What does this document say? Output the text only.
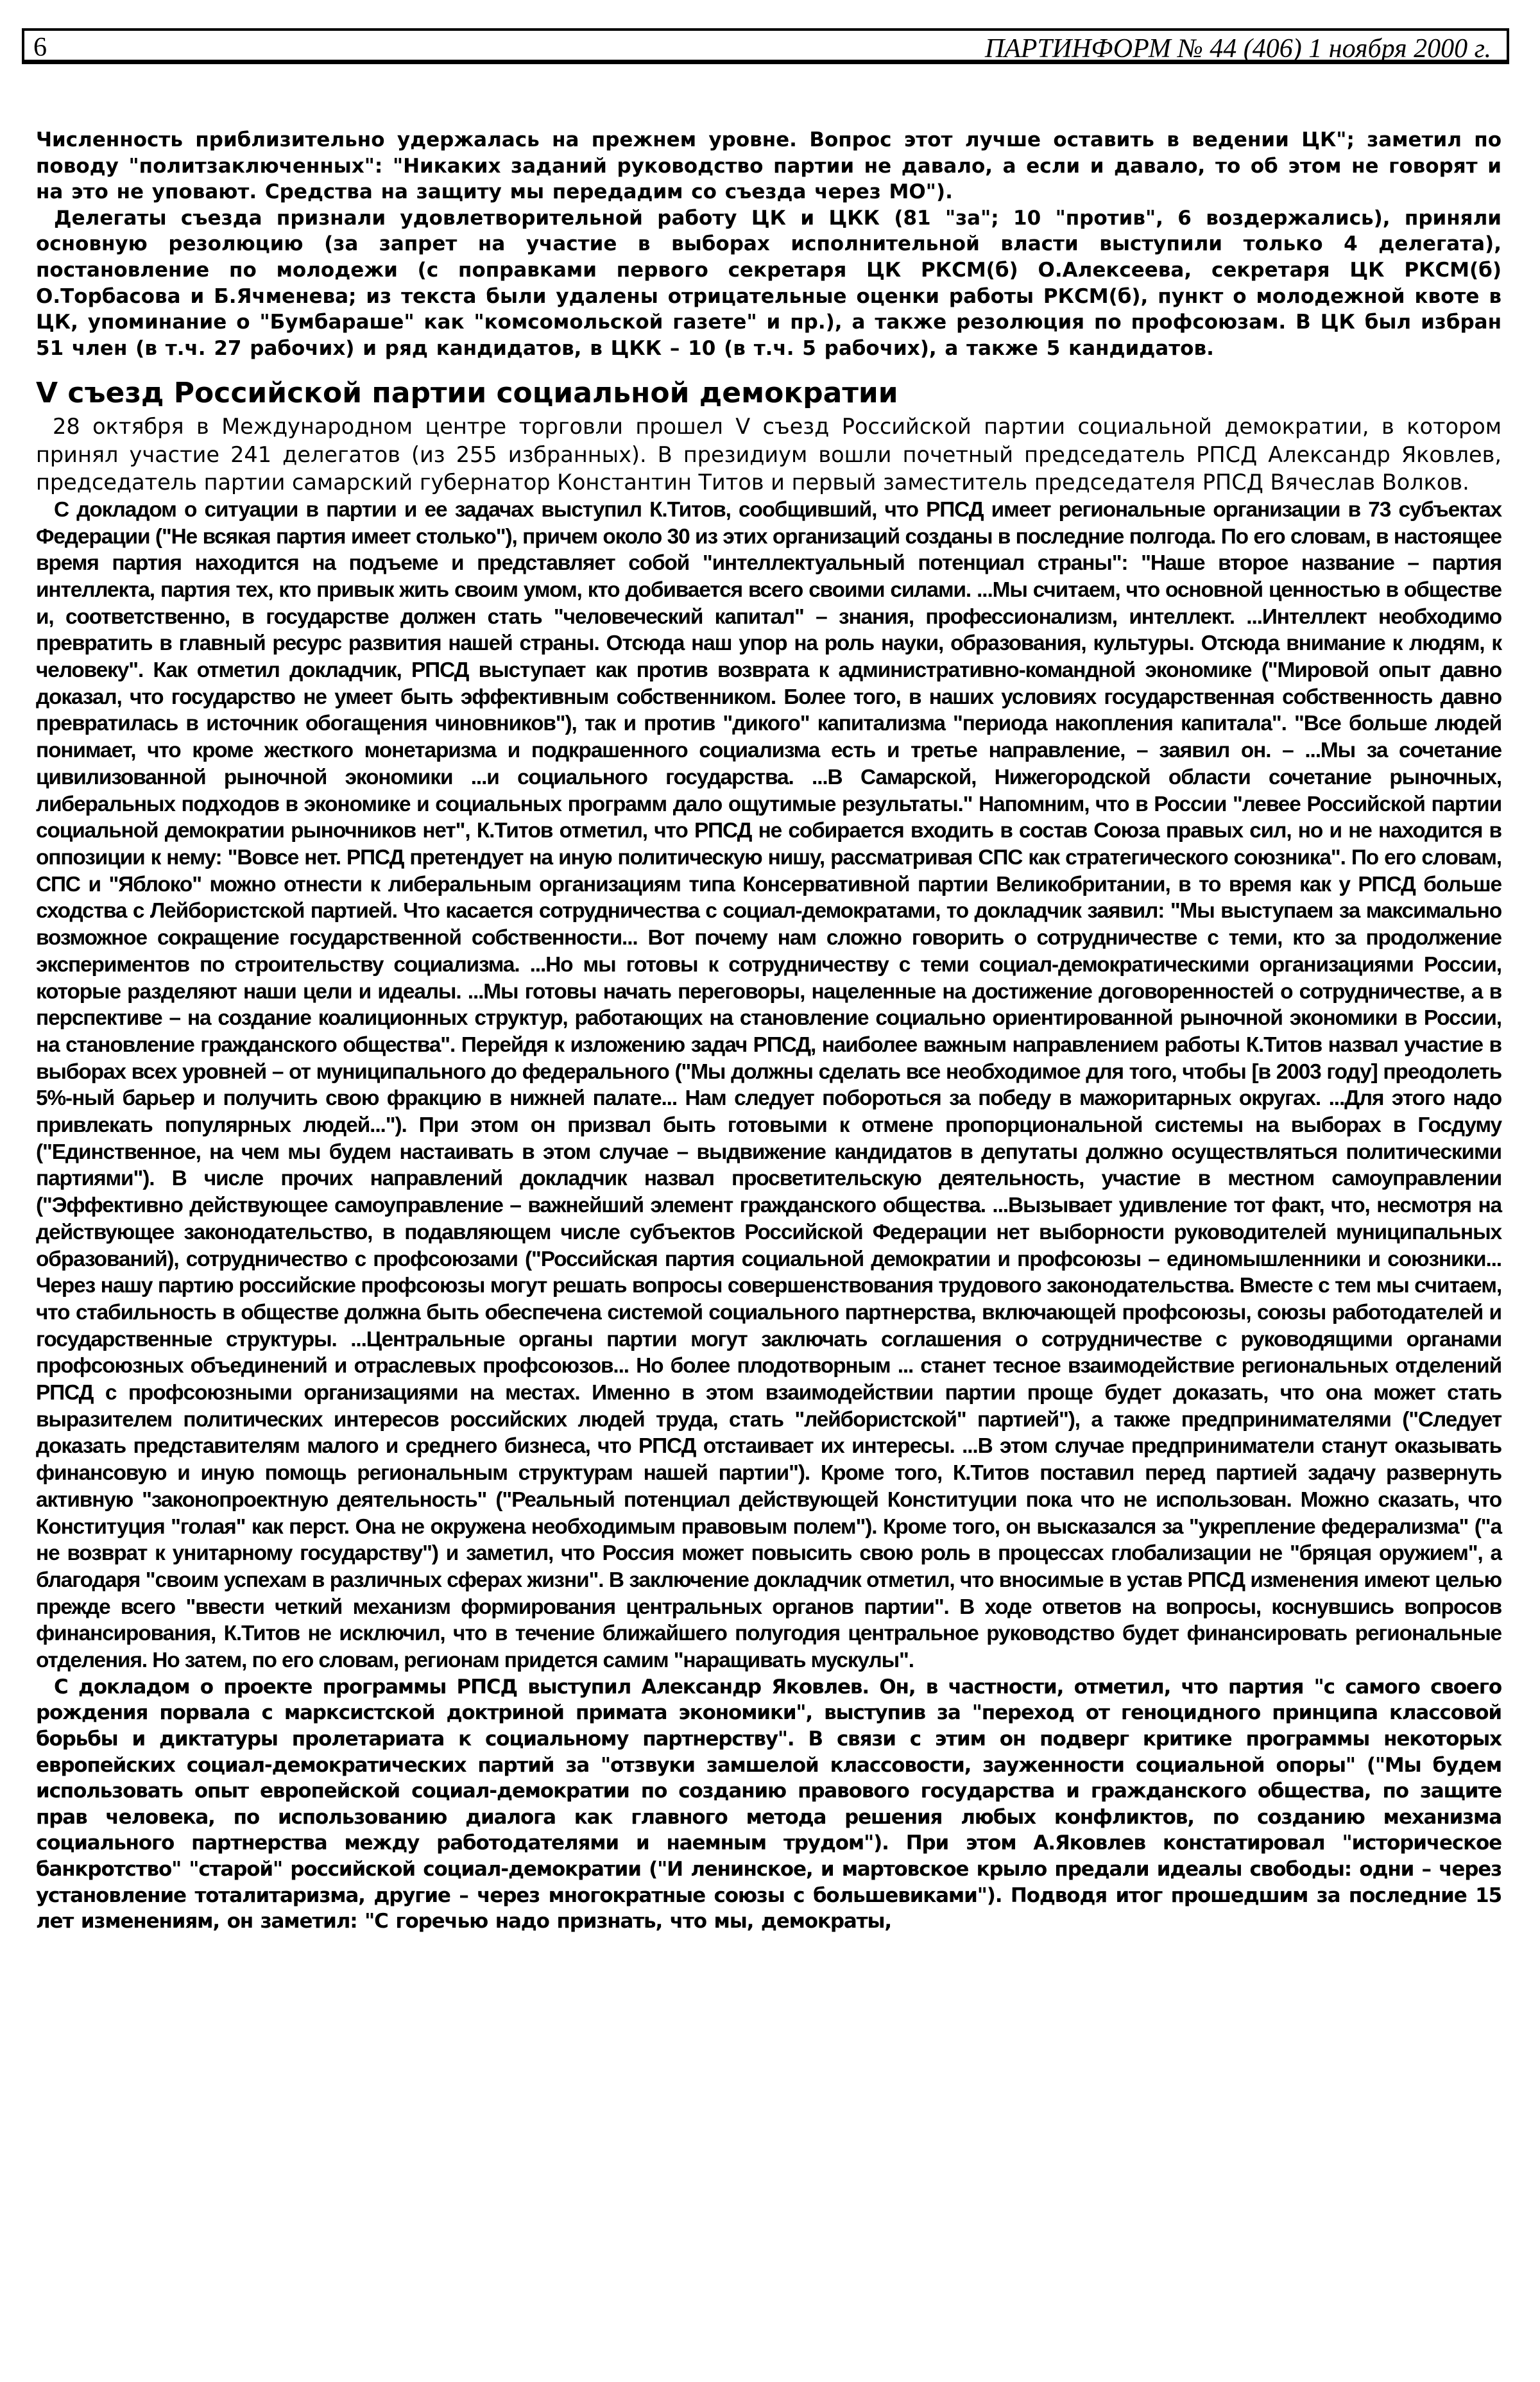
6	ПАРТИНФОРМ № 44 (406) 1 ноября 2000 г.

Численность приблизительно удержалась на прежнем уровне. Вопрос этот лучше оставить в ведении ЦК"; заметил по поводу "политзаключенных": "Никаких заданий руководство партии не давало, а если и давало, то об этом не говорят и на это не уповают. Средства на защиту мы передадим со съезда через МО").

Делегаты съезда признали удовлетворительной работу ЦК и ЦКК (81 "за"; 10 "против", 6 воздержались), приняли основную резолюцию (за запрет на участие в выборах исполнительной власти выступили только 4 делегата), постановление по молодежи (с поправками первого секретаря ЦК РКСМ(б) О.Алексеева, секретаря ЦК РКСМ(б) О.Торбасова и Б.Ячменева; из текста были удалены отрицательные оценки работы РКСМ(б), пункт о молодежной квоте в ЦК, упоминание о "Бумбараше" как "комсомольской газете" и пр.), а также резолюция по профсоюзам. В ЦК был избран 51 член (в т.ч. 27 рабочих) и ряд кандидатов, в ЦКК – 10 (в т.ч. 5 рабочих), а также 5 кандидатов.

V съезд Российской партии социальной демократии

28 октября в Международном центре торговли прошел V съезд Российской партии социальной демократии, в котором принял участие 241 делегатов (из 255 избранных). В президиум вошли почетный председатель РПСД Александр Яковлев, председатель партии самарский губернатор Константин Титов и первый заместитель председателя РПСД Вячеслав Волков.

С докладом о ситуации в партии и ее задачах выступил К.Титов, сообщивший, что РПСД имеет региональные организации в 73 субъектах Федерации ("Не всякая партия имеет столько"), причем около 30 из этих организаций созданы в последние полгода. По его словам, в настоящее время партия находится на подъеме и представляет собой "интеллектуальный потенциал страны": "Наше второе название – партия интеллекта, партия тех, кто привык жить своим умом, кто добивается всего своими силами. ...Мы считаем, что основной ценностью в обществе и, соответственно, в государстве должен стать "человеческий капитал" – знания, профессионализм, интеллект. ...Интеллект необходимо превратить в главный ресурс развития нашей страны. Отсюда наш упор на роль науки, образования, культуры. Отсюда внимание к людям, к человеку". Как отметил докладчик, РПСД выступает как против возврата к административно-командной экономике ("Мировой опыт давно доказал, что государство не умеет быть эффективным собственником. Более того, в наших условиях государственная собственность давно превратилась в источник обогащения чиновников"), так и против "дикого" капитализма "периода накопления капитала". "Все больше людей понимает, что кроме жесткого монетаризма и подкрашенного социализма есть и третье направление, – заявил он. – ...Мы за сочетание цивилизованной рыночной экономики ...и социального государства. ...В Самарской, Нижегородской области сочетание рыночных, либеральных подходов в экономике и социальных программ дало ощутимые результаты." Напомним, что в России "левее Российской партии социальной демократии рыночников нет", К.Титов отметил, что РПСД не собирается входить в состав Союза правых сил, но и не находится в оппозиции к нему: "Вовсе нет. РПСД претендует на иную политическую нишу, рассматривая СПС как стратегического союзника". По его словам, СПС и "Яблоко" можно отнести к либеральным организациям типа Консервативной партии Великобритании, в то время как у РПСД больше сходства с Лейбористской партией. Что касается сотрудничества с социал-демократами, то докладчик заявил: "Мы выступаем за максимально возможное сокращение государственной собственности... Вот почему нам сложно говорить о сотрудничестве с теми, кто за продолжение экспериментов по строительству социализма. ...Но мы готовы к сотрудничеству с теми социал-демократическими организациями России, которые разделяют наши цели и идеалы. ...Мы готовы начать переговоры, нацеленные на достижение договоренностей о сотрудничестве, а в перспективе – на создание коалиционных структур, работающих на становление социально ориентированной рыночной экономики в России, на становление гражданского общества". Перейдя к изложению задач РПСД, наиболее важным направлением работы К.Титов назвал участие в выборах всех уровней – от муниципального до федерального ("Мы должны сделать все необходимое для того, чтобы [в 2003 году] преодолеть 5%-ный барьер и получить свою фракцию в нижней палате... Нам следует побороться за победу в мажоритарных округах. ...Для этого надо привлекать популярных людей..."). При этом он призвал быть готовыми к отмене пропорциональной системы на выборах в Госдуму ("Единственное, на чем мы будем настаивать в этом случае – выдвижение кандидатов в депутаты должно осуществляться политическими партиями"). В числе прочих направлений докладчик назвал просветительскую деятельность, участие в местном самоуправлении ("Эффективно действующее самоуправление – важнейший элемент гражданского общества. ...Вызывает удивление тот факт, что, несмотря на действующее законодательство, в подавляющем числе субъектов Российской Федерации нет выборности руководителей муниципальных образований), сотрудничество с профсоюзами ("Российская партия социальной демократии и профсоюзы – единомышленники и союзники... Через нашу партию российские профсоюзы могут решать вопросы совершенствования трудового законодательства. Вместе с тем мы считаем, что стабильность в обществе должна быть обеспечена системой социального партнерства, включающей профсоюзы, союзы работодателей и государственные структуры. ...Центральные органы партии могут заключать соглашения о сотрудничестве с руководящими органами профсоюзных объединений и отраслевых профсоюзов... Но более плодотворным ... станет тесное взаимодействие региональных отделений РПСД с профсоюзными организациями на местах. Именно в этом взаимодействии партии проще будет доказать, что она может стать выразителем политических интересов российских людей труда, стать "лейбористской" партией"), а также предпринимателями ("Следует доказать представителям малого и среднего бизнеса, что РПСД отстаивает их интересы. ...В этом случае предприниматели станут оказывать финансовую и иную помощь региональным структурам нашей партии"). Кроме того, К.Титов поставил перед партией задачу развернуть активную "законопроектную деятельность" ("Реальный потенциал действующей Конституции пока что не использован. Можно сказать, что Конституция "голая" как перст. Она не окружена необходимым правовым полем"). Кроме того, он высказался за "укрепление федерализма" ("а не возврат к унитарному государству") и заметил, что Россия может повысить свою роль в процессах глобализации не "бряцая оружием", а благодаря "своим успехам в различных сферах жизни". В заключение докладчик отметил, что вносимые в устав РПСД изменения имеют целью прежде всего "ввести четкий механизм формирования центральных органов партии". В ходе ответов на вопросы, коснувшись вопросов финансирования, К.Титов не исключил, что в течение ближайшего полугодия центральное руководство будет финансировать региональные отделения. Но затем, по его словам, регионам придется самим "наращивать мускулы".

С докладом о проекте программы РПСД выступил Александр Яковлев. Он, в частности, отметил, что партия "с самого своего рождения порвала с марксистской доктриной примата экономики", выступив за "переход от геноцидного принципа классовой борьбы и диктатуры пролетариата к социальному партнерству". В связи с этим он подверг критике программы некоторых европейских социал-демократических партий за "отзвуки замшелой классовости, зауженности социальной опоры" ("Мы будем использовать опыт европейской социал-демократии по созданию правового государства и гражданского общества, по защите прав человека, по использованию диалога как главного метода решения любых конфликтов, по созданию механизма социального партнерства между работодателями и наемным трудом"). При этом А.Яковлев констатировал "историческое банкротство" "старой" российской социал-демократии ("И ленинское, и мартовское крыло предали идеалы свободы: одни – через установление тоталитаризма, другие – через многократные союзы с большевиками"). Подводя итог прошедшим за последние 15 лет изменениям, он заметил: "С горечью надо признать, что мы, демократы,
